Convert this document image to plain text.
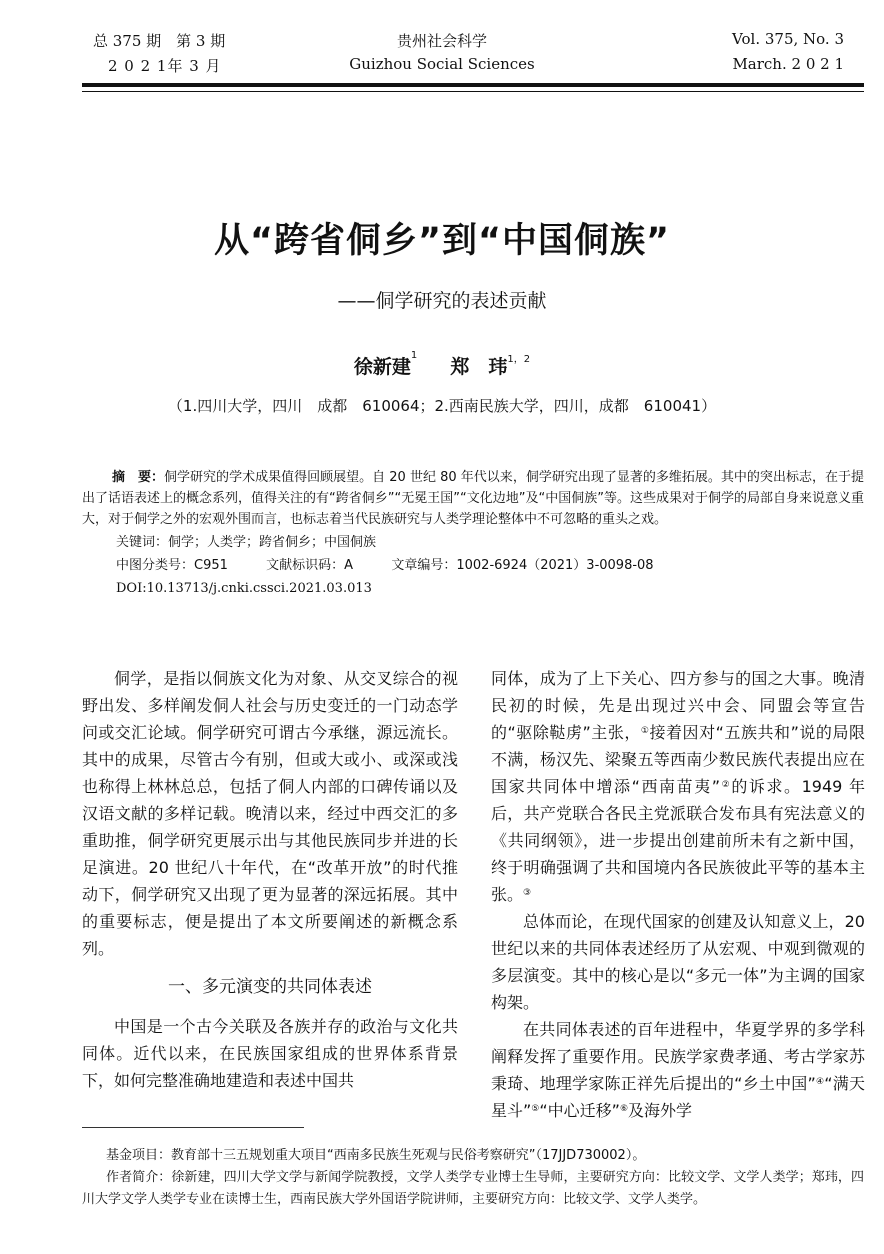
总 375 期　第 3 期
2 0 2 1年 3 月
贵州社会科学
Guizhou Social Sciences
Vol. 375, No. 3
March. 2 0 2 1
从“跨省侗乡”到“中国侗族”
——侗学研究的表述贡献
徐新建$^1$     郑　玮$^{1,2}$
（1.四川大学，四川　成都　610064；2.西南民族大学，四川，成都　610041）
摘　要：侗学研究的学术成果值得回顾展望。自 20 世纪 80 年代以来，侗学研究出现了显著的多维拓展。其中的突出标志，在于提出了话语表述上的概念系列，值得关注的有“跨省侗乡”“无冕王国”“文化边地”及“中国侗族”等。这些成果对于侗学的局部自身来说意义重大，对于侗学之外的宏观外围而言，也标志着当代民族研究与人类学理论整体中不可忽略的重头之戏。
关键词：侗学；人类学；跨省侗乡；中国侗族
中图分类号：C951	文献标识码：A	文章编号：1002-6924（2021）3-0098-08
DOI:10.13713/j.cnki.cssci.2021.03.013

侗学，是指以侗族文化为对象、从交叉综合的视野出发、多样阐发侗人社会与历史变迁的一门动态学问或交汇论域。侗学研究可谓古今承继，源远流长。其中的成果，尽管古今有别，但或大或小、或深或浅也称得上林林总总，包括了侗人内部的口碑传诵以及汉语文献的多样记载。晚清以来，经过中西交汇的多重助推，侗学研究更展示出与其他民族同步并进的长足演进。20 世纪八十年代，在“改革开放”的时代推动下，侗学研究又出现了更为显著的深远拓展。其中的重要标志，便是提出了本文所要阐述的新概念系列。

一、多元演变的共同体表述

中国是一个古今关联及各族并存的政治与文化共同体。近代以来，在民族国家组成的世界体系背景下，如何完整准确地建造和表述中国共

同体，成为了上下关心、四方参与的国之大事。晚清民初的时候，先是出现过兴中会、同盟会等宣告的“驱除鞑虏”主张，①接着因对“五族共和”说的局限不满，杨汉先、梁聚五等西南少数民族代表提出应在国家共同体中增添“西南苗夷”②的诉求。1949 年后，共产党联合各民主党派联合发布具有宪法意义的《共同纲领》，进一步提出创建前所未有之新中国，终于明确强调了共和国境内各民族彼此平等的基本主张。③

总体而论，在现代国家的创建及认知意义上，20 世纪以来的共同体表述经历了从宏观、中观到微观的多层演变。其中的核心是以“多元一体”为主调的国家构架。

在共同体表述的百年进程中，华夏学界的多学科阐释发挥了重要作用。民族学家费孝通、考古学家苏秉琦、地理学家陈正祥先后提出的“乡土中国”④“满天星斗”⑤“中心迁移”⑥及海外学

基金项目：教育部十三五规划重大项目“西南多民族生死观与民俗考察研究”（17JJD730002）。

作者简介：徐新建，四川大学文学与新闻学院教授，文学人类学专业博士生导师，主要研究方向：比较文学、文学人类学；郑玮，四川大学文学人类学专业在读博士生，西南民族大学外国语学院讲师，主要研究方向：比较文学、文学人类学。
